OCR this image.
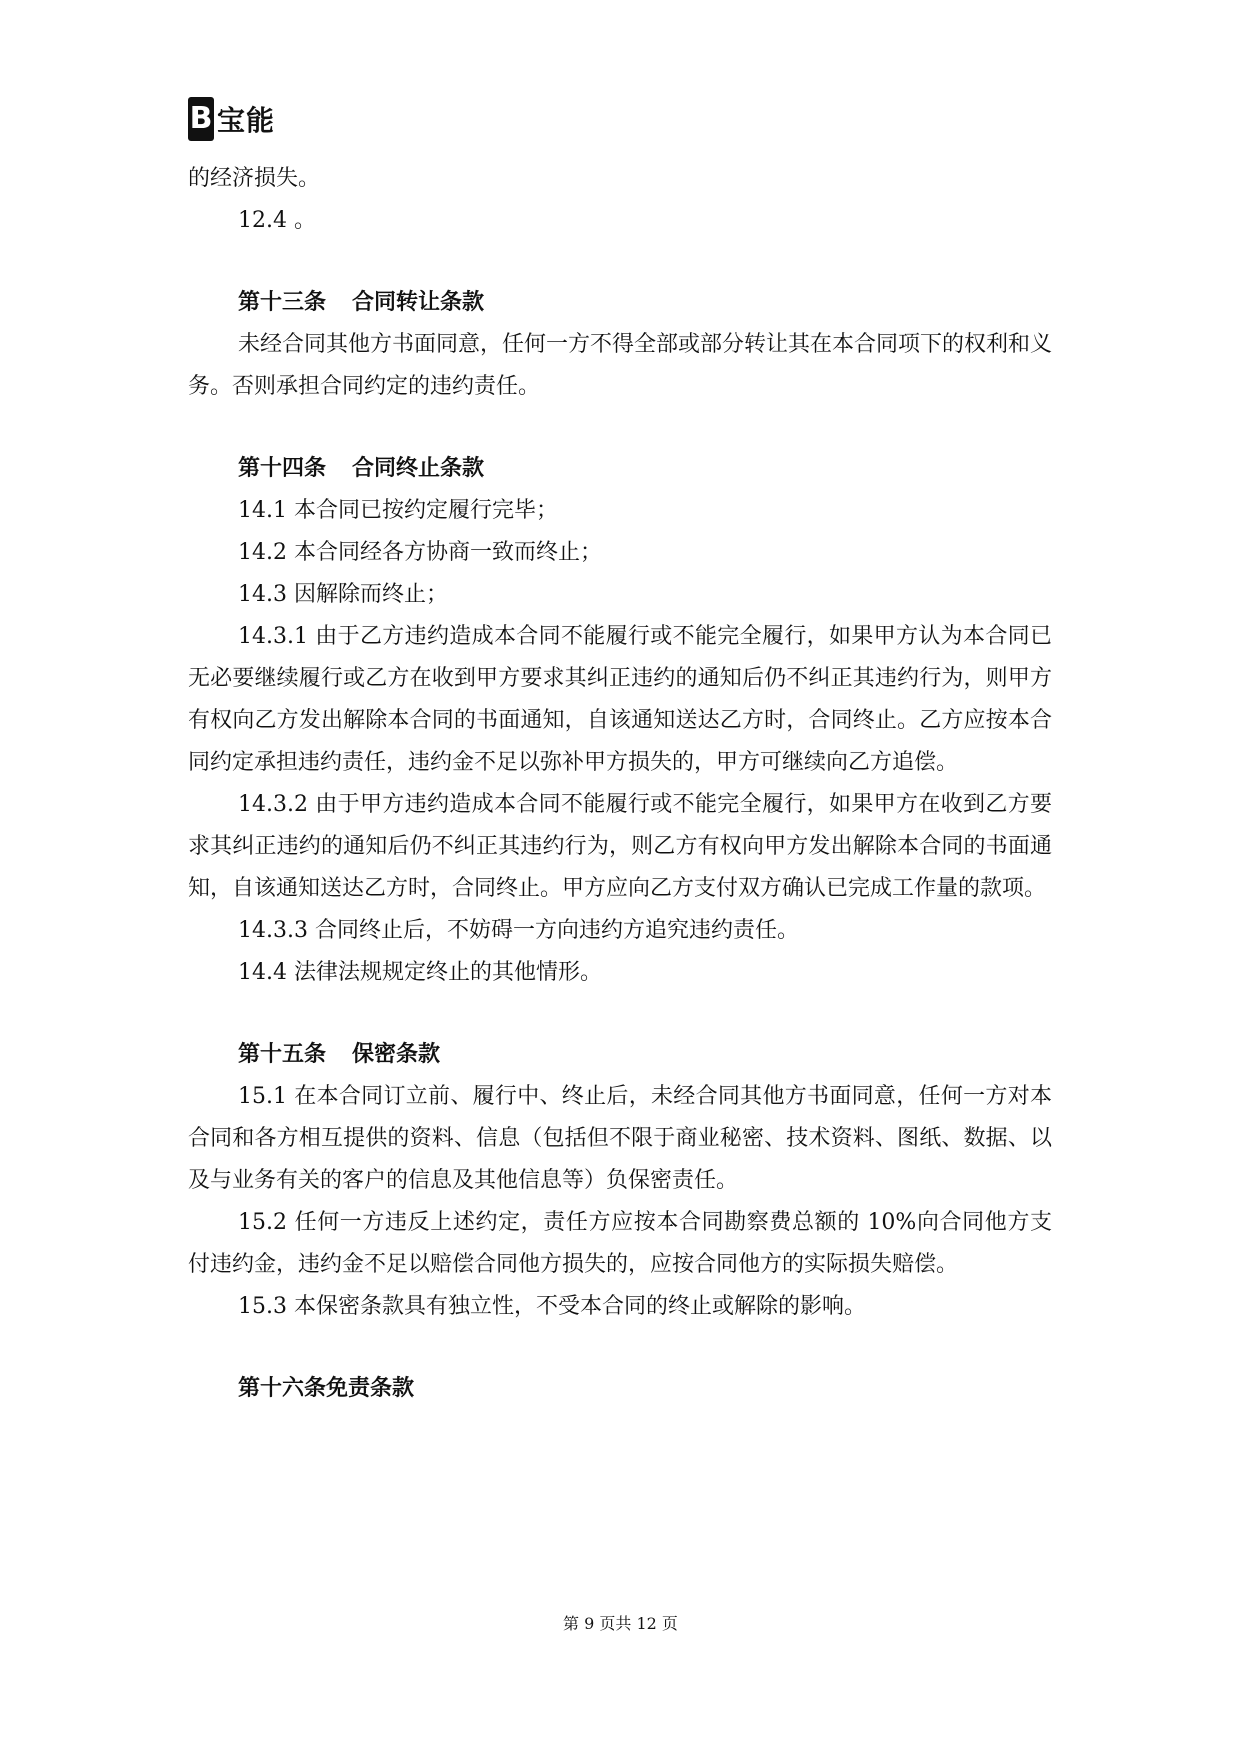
B 宝能

的经济损失。

12.4 。

第十三条 合同转让条款

未经合同其他方书面同意，任何一方不得全部或部分转让其在本合同项下的权利和义务。否则承担合同约定的违约责任。

第十四条 合同终止条款

14.1 本合同已按约定履行完毕；

14.2 本合同经各方协商一致而终止；

14.3 因解除而终止；

14.3.1 由于乙方违约造成本合同不能履行或不能完全履行，如果甲方认为本合同已无必要继续履行或乙方在收到甲方要求其纠正违约的通知后仍不纠正其违约行为，则甲方有权向乙方发出解除本合同的书面通知，自该通知送达乙方时，合同终止。乙方应按本合同约定承担违约责任，违约金不足以弥补甲方损失的，甲方可继续向乙方追偿。

14.3.2 由于甲方违约造成本合同不能履行或不能完全履行，如果甲方在收到乙方要求其纠正违约的通知后仍不纠正其违约行为，则乙方有权向甲方发出解除本合同的书面通知，自该通知送达乙方时，合同终止。甲方应向乙方支付双方确认已完成工作量的款项。

14.3.3 合同终止后，不妨碍一方向违约方追究违约责任。

14.4 法律法规规定终止的其他情形。

第十五条 保密条款

15.1 在本合同订立前、履行中、终止后，未经合同其他方书面同意，任何一方对本合同和各方相互提供的资料、信息（包括但不限于商业秘密、技术资料、图纸、数据、以及与业务有关的客户的信息及其他信息等）负保密责任。

15.2 任何一方违反上述约定，责任方应按本合同勘察费总额的 10%向合同他方支付违约金，违约金不足以赔偿合同他方损失的，应按合同他方的实际损失赔偿。

15.3 本保密条款具有独立性，不受本合同的终止或解除的影响。

第十六条免责条款

第 9 页共 12 页
